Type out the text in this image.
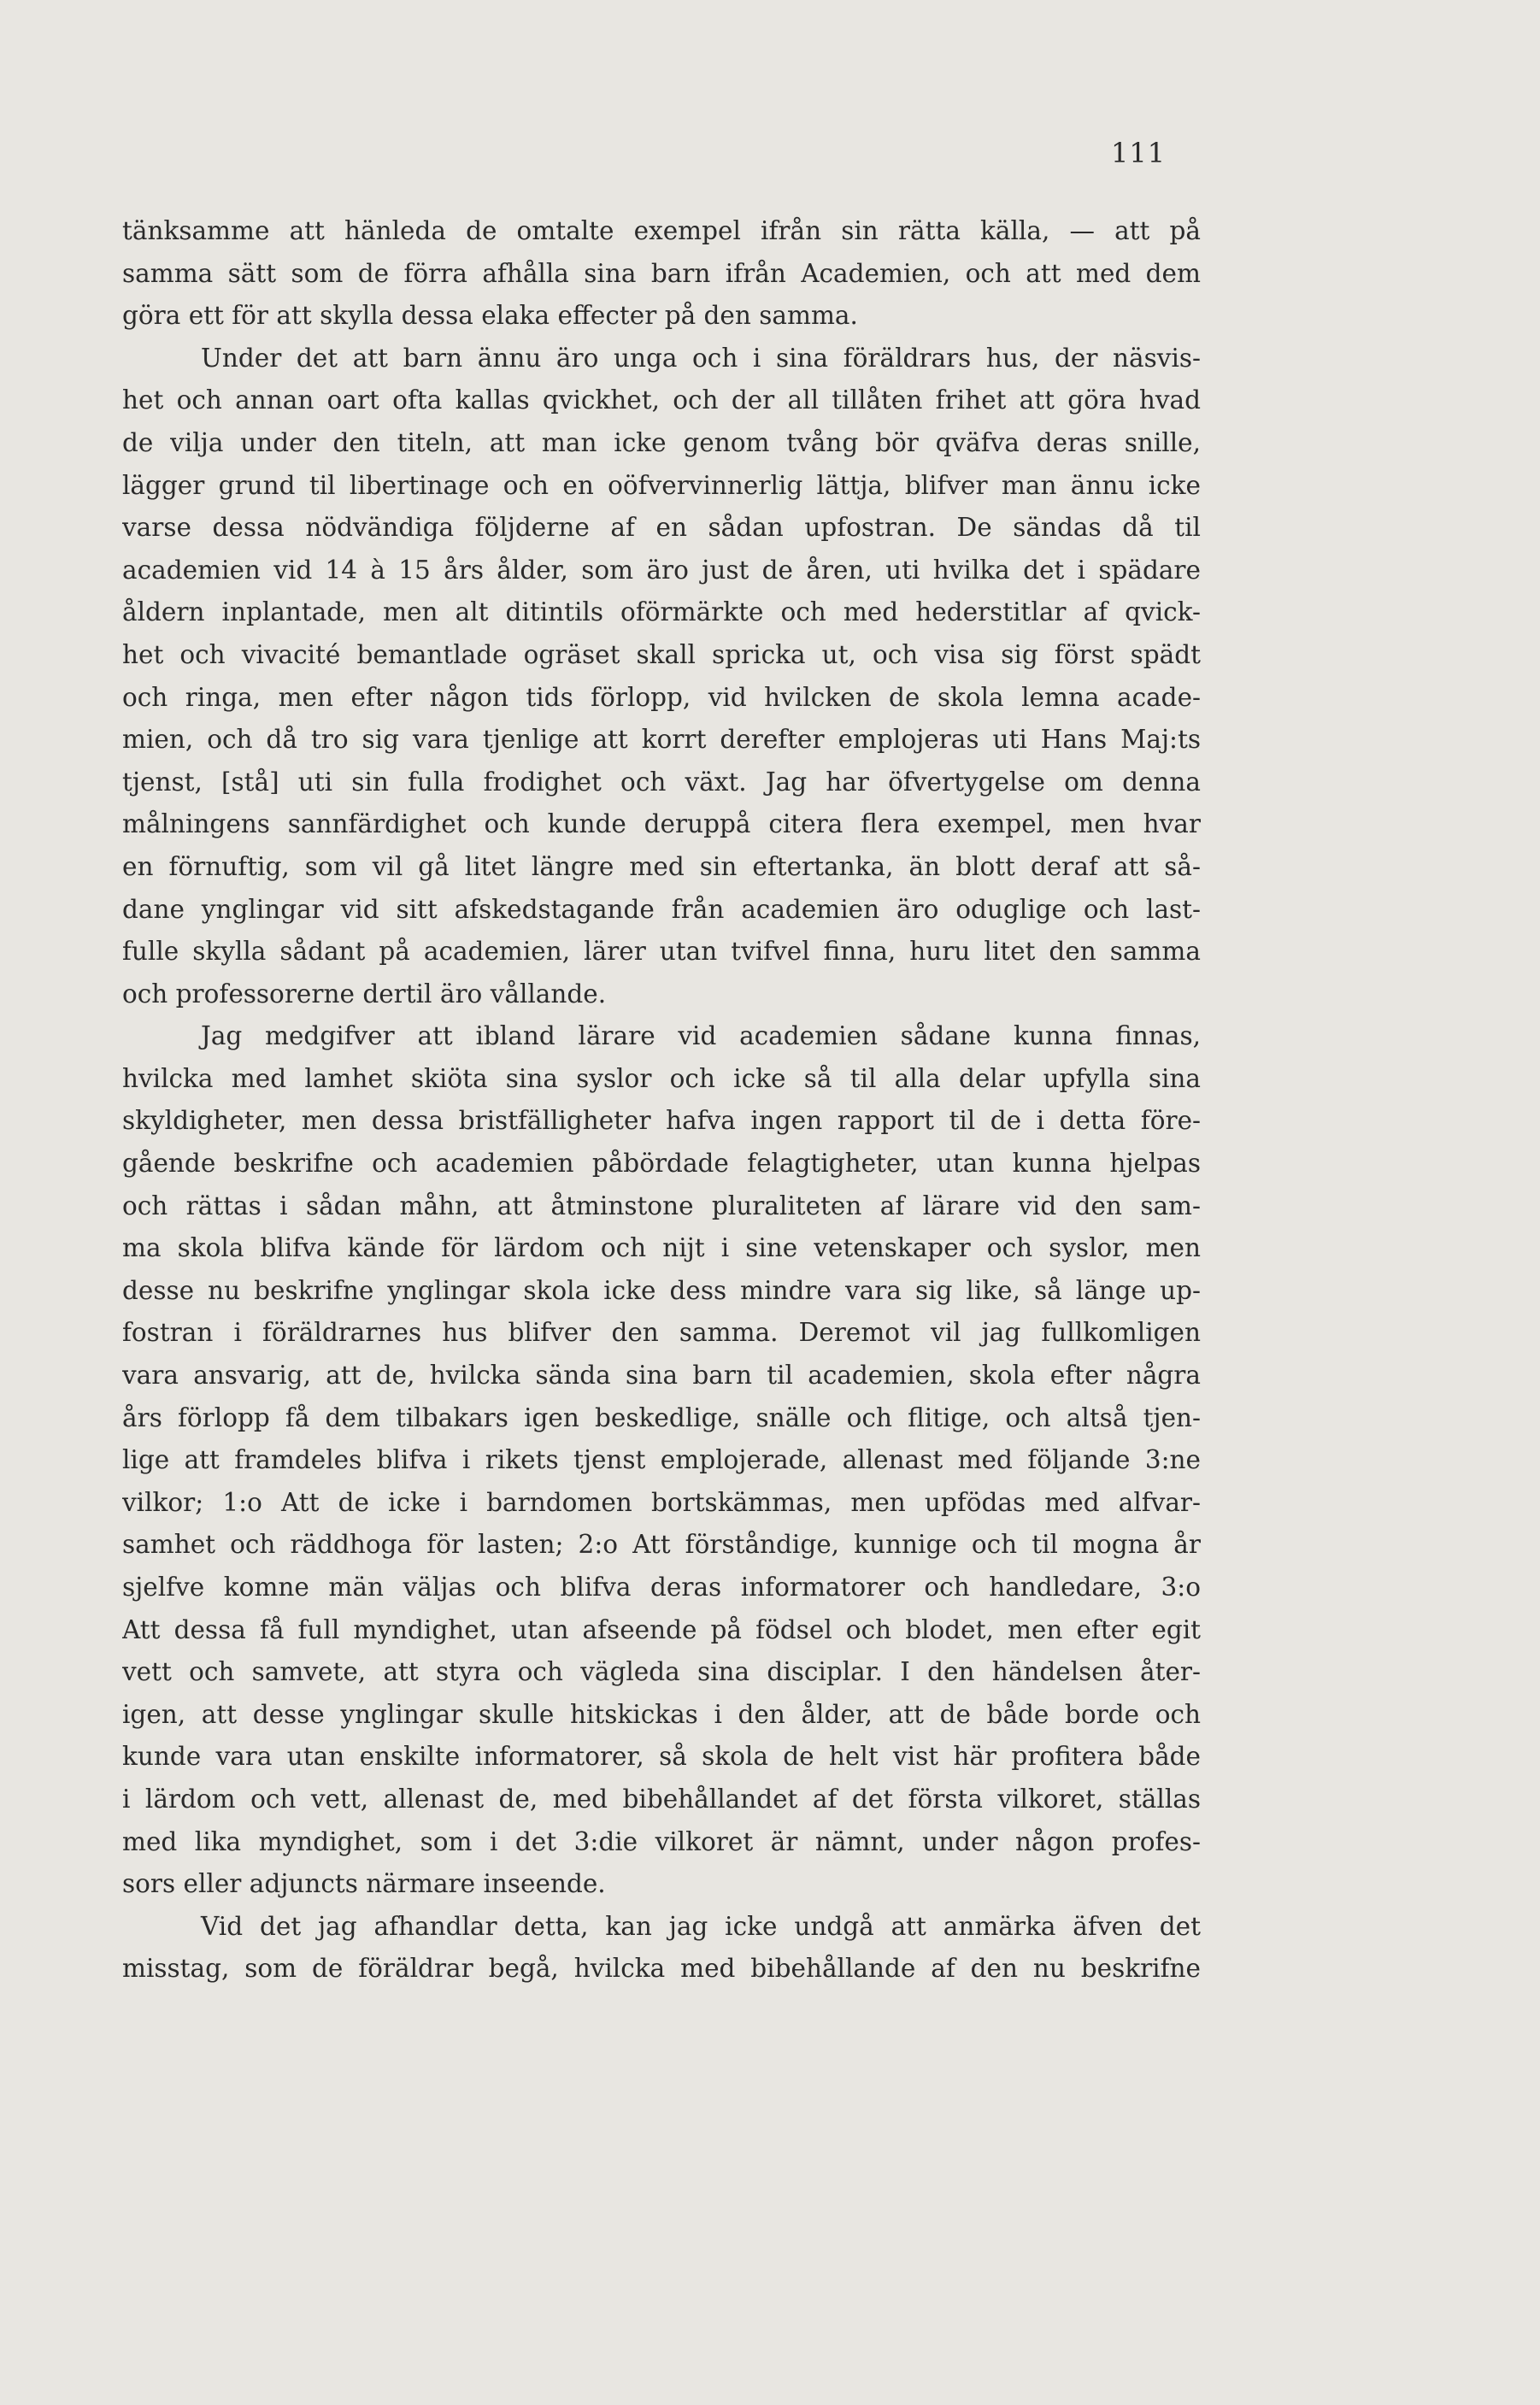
111
tänksamme att hänleda de omtalte exempel ifrån sin rätta källa, — att på
samma sätt som de förra afhålla sina barn ifrån Academien, och att med dem
göra ett för att skylla dessa elaka effecter på den samma.
Under det att barn ännu äro unga och i sina föräldrars hus, der näsvis-
het och annan oart ofta kallas qvickhet, och der all tillåten frihet att göra hvad
de vilja under den titeln, att man icke genom tvång bör qväfva deras snille,
lägger grund til libertinage och en oöfvervinnerlig lättja, blifver man ännu icke
varse dessa nödvändiga följderne af en sådan upfostran. De sändas då til
academien vid 14 à 15 års ålder, som äro just de åren, uti hvilka det i spädare
åldern inplantade, men alt ditintils oförmärkte och med hederstitlar af qvick-
het och vivacité bemantlade ogräset skall spricka ut, och visa sig först spädt
och ringa, men efter någon tids förlopp, vid hvilcken de skola lemna acade-
mien, och då tro sig vara tjenlige att korrt derefter emplojeras uti Hans Maj:ts
tjenst, [stå] uti sin fulla frodighet och växt. Jag har öfvertygelse om denna
målningens sannfärdighet och kunde deruppå citera flera exempel, men hvar
en förnuftig, som vil gå litet längre med sin eftertanka, än blott deraf att så-
dane ynglingar vid sitt afskedstagande från academien äro oduglige och last-
fulle skylla sådant på academien, lärer utan tvifvel finna, huru litet den samma
och professorerne dertil äro vållande.
Jag medgifver att ibland lärare vid academien sådane kunna finnas,
hvilcka med lamhet skiöta sina syslor och icke så til alla delar upfylla sina
skyldigheter, men dessa bristfälligheter hafva ingen rapport til de i detta före-
gående beskrifne och academien påbördade felagtigheter, utan kunna hjelpas
och rättas i sådan måhn, att åtminstone pluraliteten af lärare vid den sam-
ma skola blifva kände för lärdom och nijt i sine vetenskaper och syslor, men
desse nu beskrifne ynglingar skola icke dess mindre vara sig like, så länge up-
fostran i föräldrarnes hus blifver den samma. Deremot vil jag fullkomligen
vara ansvarig, att de, hvilcka sända sina barn til academien, skola efter några
års förlopp få dem tilbakars igen beskedlige, snälle och flitige, och altså tjen-
lige att framdeles blifva i rikets tjenst emplojerade, allenast med följande 3:ne
vilkor; 1:o Att de icke i barndomen bortskämmas, men upfödas med alfvar-
samhet och räddhoga för lasten; 2:o Att förståndige, kunnige och til mogna år
sjelfve komne män väljas och blifva deras informatorer och handledare, 3:o
Att dessa få full myndighet, utan afseende på födsel och blodet, men efter egit
vett och samvete, att styra och vägleda sina disciplar. I den händelsen åter-
igen, att desse ynglingar skulle hitskickas i den ålder, att de både borde och
kunde vara utan enskilte informatorer, så skola de helt vist här profitera både
i lärdom och vett, allenast de, med bibehållandet af det första vilkoret, ställas
med lika myndighet, som i det 3:die vilkoret är nämnt, under någon profes-
sors eller adjuncts närmare inseende.
Vid det jag afhandlar detta, kan jag icke undgå att anmärka äfven det
misstag, som de föräldrar begå, hvilcka med bibehållande af den nu beskrifne
